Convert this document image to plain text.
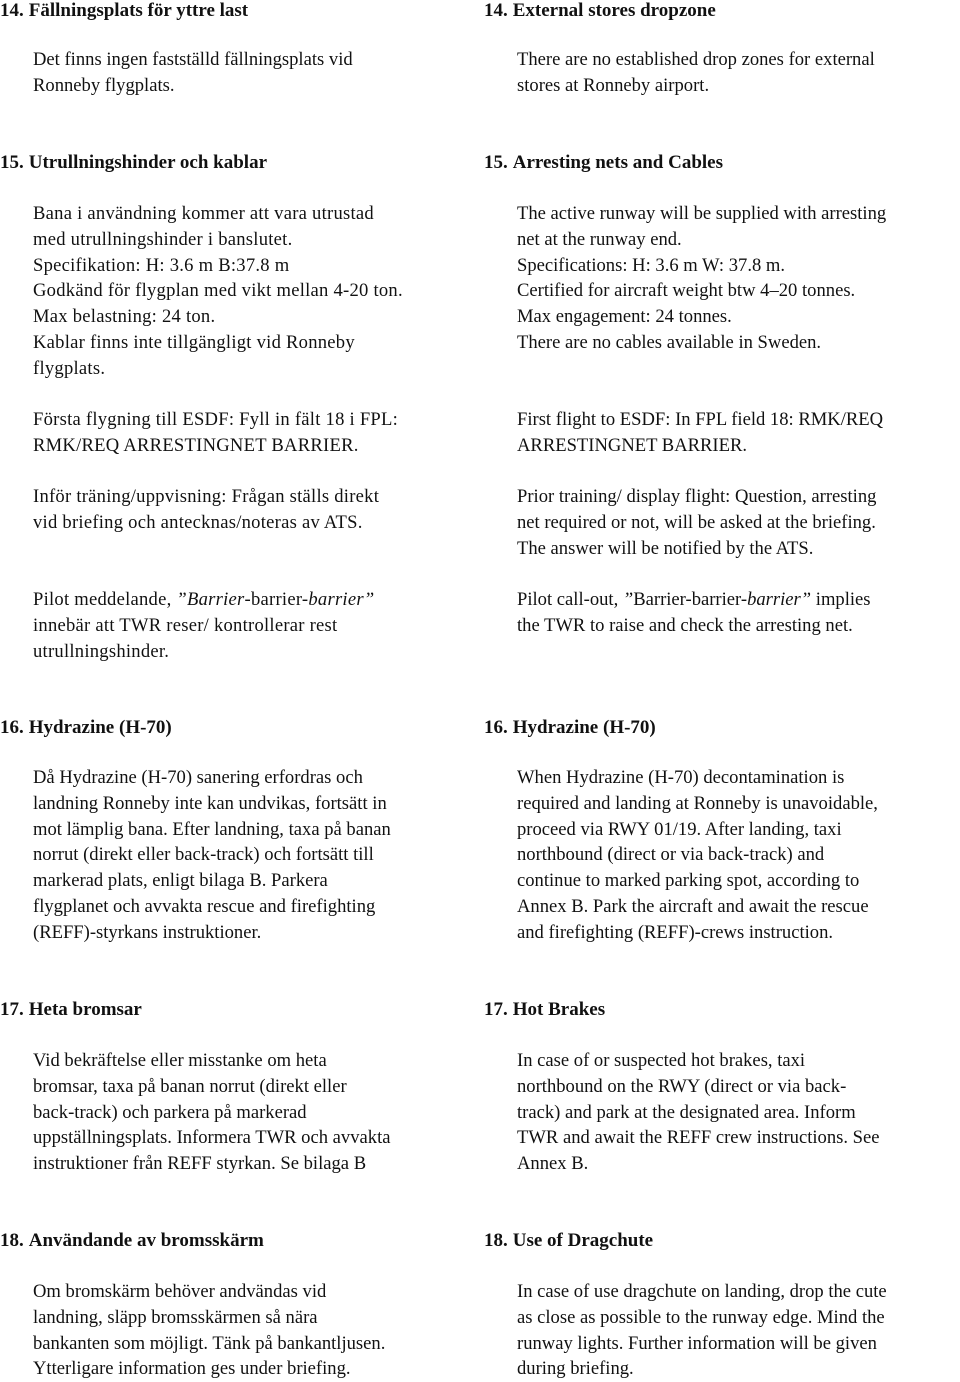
14. Fällningsplats för yttre last	14. External stores dropzone
Det finns ingen fastställd fällningsplats vid
Ronneby flygplats.
There are no established drop zones for external
stores at Ronneby airport.
15. Utrullningshinder och kablar	15. Arresting nets and Cables
Bana i användning kommer att vara utrustad
med utrullningshinder i banslutet.
Specifikation: H: 3.6 m B:37.8 m
Godkänd för flygplan med vikt mellan 4-20 ton.
Max belastning: 24 ton.
Kablar finns inte tillgängligt vid Ronneby
flygplats.
The active runway will be supplied with arresting
net at the runway end.
Specifications: H: 3.6 m W: 37.8 m.
Certified for aircraft weight btw 4–20 tonnes.
Max engagement: 24 tonnes.
There are no cables available in Sweden.
Första flygning till ESDF: Fyll in fält 18 i FPL:
RMK/REQ ARRESTINGNET BARRIER.
First flight to ESDF: In FPL field 18: RMK/REQ
ARRESTINGNET BARRIER.
Inför träning/uppvisning: Frågan ställs direkt
vid briefing och antecknas/noteras av ATS.
Prior training/ display flight: Question, arresting
net required or not, will be asked at the briefing.
The answer will be notified by the ATS.
Pilot meddelande, ”Barrier-barrier-barrier”
innebär att TWR reser/ kontrollerar rest
utrullningshinder.
Pilot call-out, ”Barrier-barrier-barrier” implies
the TWR to raise and check the arresting net.
16. Hydrazine (H-70)	16. Hydrazine (H-70)
Då Hydrazine (H-70) sanering erfordras och
landning Ronneby inte kan undvikas, fortsätt in
mot lämplig bana. Efter landning, taxa på banan
norrut (direkt eller back-track) och fortsätt till
markerad plats, enligt bilaga B. Parkera
flygplanet och avvakta rescue and firefighting
(REFF)-styrkans instruktioner.
When Hydrazine (H-70) decontamination is
required and landing at Ronneby is unavoidable,
proceed via RWY 01/19. After landing, taxi
northbound (direct or via back-track) and
continue to marked parking spot, according to
Annex B. Park the aircraft and await the rescue
and firefighting (REFF)-crews instruction.
17. Heta bromsar	17. Hot Brakes
Vid bekräftelse eller misstanke om heta
bromsar, taxa på banan norrut (direkt eller
back-track) och parkera på markerad
uppställningsplats. Informera TWR och avvakta
instruktioner från REFF styrkan. Se bilaga B
In case of or suspected hot brakes, taxi
northbound on the RWY (direct or via back-
track) and park at the designated area. Inform
TWR and await the REFF crew instructions. See
Annex B.
18. Användande av bromsskärm	18. Use of Dragchute
Om bromskärm behöver andvändas vid
landning, släpp bromsskärmen så nära
bankanten som möjligt. Tänk på bankantljusen.
Ytterligare information ges under briefing.
In case of use dragchute on landing, drop the cute
as close as possible to the runway edge. Mind the
runway lights. Further information will be given
during briefing.
